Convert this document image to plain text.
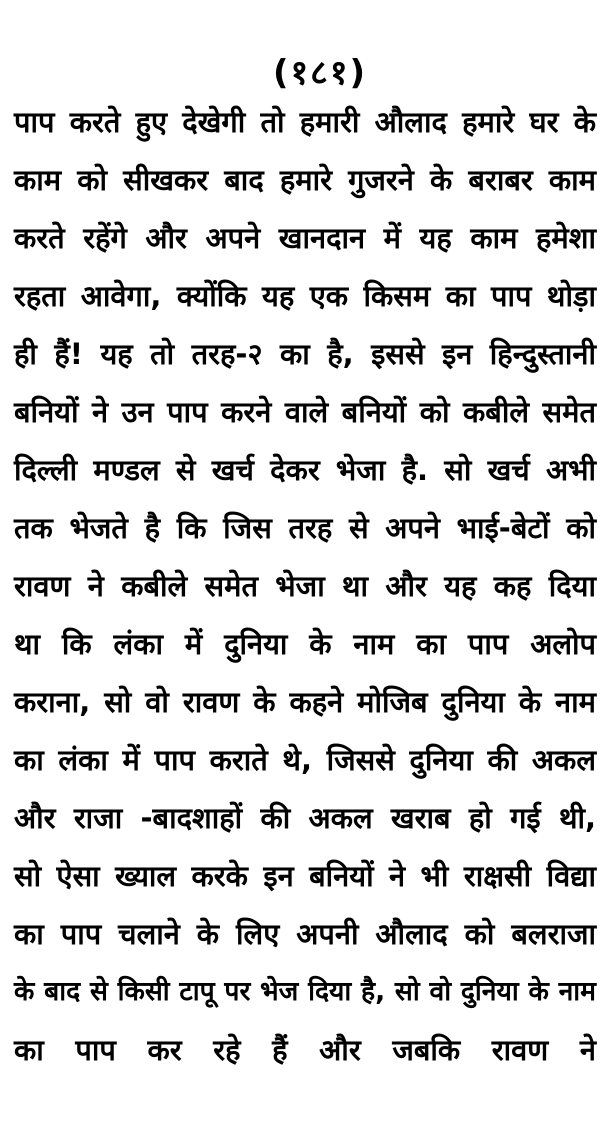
(१८१)
पाप करते हुए देखेगी तो हमारी औलाद हमारे घर के
काम को सीखकर बाद हमारे गुजरने के बराबर काम
करते रहेंगे और अपने खानदान में यह काम हमेशा
रहता आवेगा, क्योंकि यह एक किसम का पाप थोड़ा
ही हैं! यह तो तरह-२ का है, इससे इन हिन्दुस्तानी
बनियों ने उन पाप करने वाले बनियों को कबीले समेत
दिल्ली मण्डल से खर्च देकर भेजा है. सो खर्च अभी
तक भेजते है कि जिस तरह से अपने भाई-बेटों को
रावण ने कबीले समेत भेजा था और यह कह दिया
था कि लंका में दुनिया के नाम का पाप अलोप
कराना, सो वो रावण के कहने मोजिब दुनिया के नाम
का लंका में पाप कराते थे, जिससे दुनिया की अकल
और राजा -बादशाहों की अकल खराब हो गई थी,
सो ऐसा ख्याल करके इन बनियों ने भी राक्षसी विद्या
का पाप चलाने के लिए अपनी औलाद को बलराजा
के बाद से किसी टापू पर भेज दिया है, सो वो दुनिया के नाम
का पाप कर रहे हैं और जबकि रावण ने
